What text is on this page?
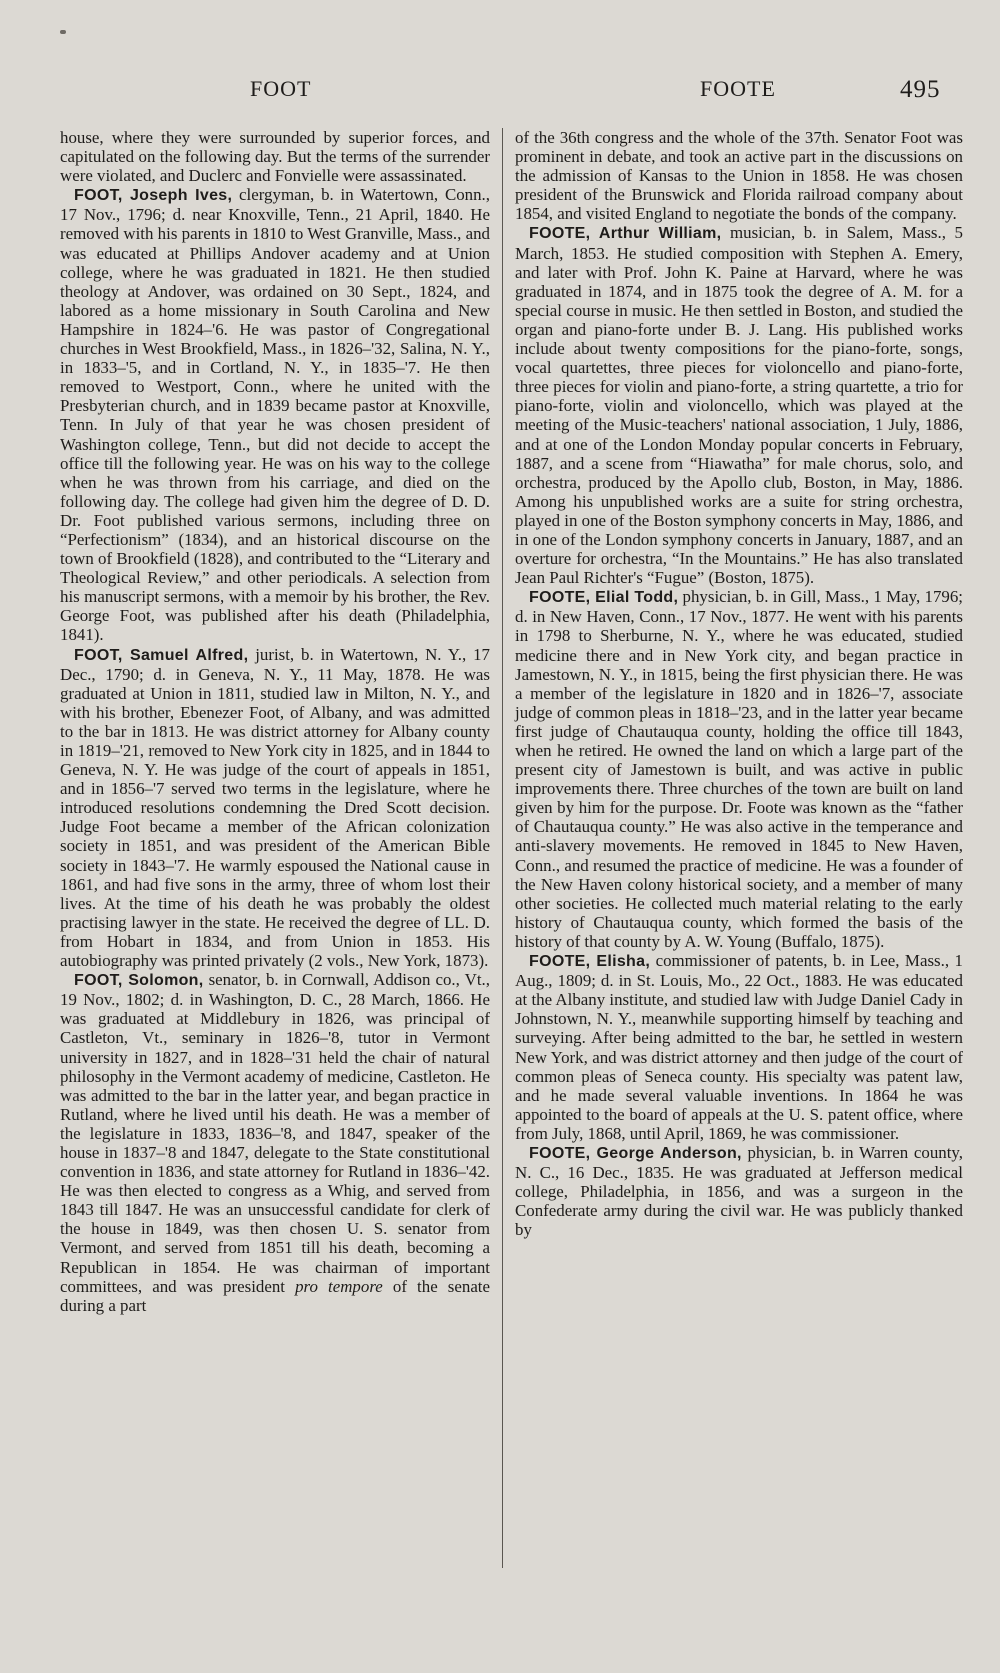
FOOT	FOOTE	495

house, where they were surrounded by superior forces, and capitulated on the following day. But the terms of the surrender were violated, and Duclerc and Fonvielle were assassinated.

FOOT, Joseph Ives, clergyman, b. in Watertown, Conn., 17 Nov., 1796; d. near Knoxville, Tenn., 21 April, 1840. He removed with his parents in 1810 to West Granville, Mass., and was educated at Phillips Andover academy and at Union college, where he was graduated in 1821. He then studied theology at Andover, was ordained on 30 Sept., 1824, and labored as a home missionary in South Carolina and New Hampshire in 1824–'6. He was pastor of Congregational churches in West Brookfield, Mass., in 1826–'32, Salina, N. Y., in 1833–'5, and in Cortland, N. Y., in 1835–'7. He then removed to Westport, Conn., where he united with the Presbyterian church, and in 1839 became pastor at Knoxville, Tenn. In July of that year he was chosen president of Washington college, Tenn., but did not decide to accept the office till the following year. He was on his way to the college when he was thrown from his carriage, and died on the following day. The college had given him the degree of D. D. Dr. Foot published various sermons, including three on “Perfectionism” (1834), and an historical discourse on the town of Brookfield (1828), and contributed to the “Literary and Theological Review,” and other periodicals. A selection from his manuscript sermons, with a memoir by his brother, the Rev. George Foot, was published after his death (Philadelphia, 1841).

FOOT, Samuel Alfred, jurist, b. in Watertown, N. Y., 17 Dec., 1790; d. in Geneva, N. Y., 11 May, 1878. He was graduated at Union in 1811, studied law in Milton, N. Y., and with his brother, Ebenezer Foot, of Albany, and was admitted to the bar in 1813. He was district attorney for Albany county in 1819–'21, removed to New York city in 1825, and in 1844 to Geneva, N. Y. He was judge of the court of appeals in 1851, and in 1856–'7 served two terms in the legislature, where he introduced resolutions condemning the Dred Scott decision. Judge Foot became a member of the African colonization society in 1851, and was president of the American Bible society in 1843–'7. He warmly espoused the National cause in 1861, and had five sons in the army, three of whom lost their lives. At the time of his death he was probably the oldest practising lawyer in the state. He received the degree of LL. D. from Hobart in 1834, and from Union in 1853. His autobiography was printed privately (2 vols., New York, 1873).

FOOT, Solomon, senator, b. in Cornwall, Addison co., Vt., 19 Nov., 1802; d. in Washington, D. C., 28 March, 1866. He was graduated at Middlebury in 1826, was principal of Castleton, Vt., seminary in 1826–'8, tutor in Vermont university in 1827, and in 1828–'31 held the chair of natural philosophy in the Vermont academy of medicine, Castleton. He was admitted to the bar in the latter year, and began practice in Rutland, where he lived until his death. He was a member of the legislature in 1833, 1836–'8, and 1847, speaker of the house in 1837–'8 and 1847, delegate to the State constitutional convention in 1836, and state attorney for Rutland in 1836–'42. He was then elected to congress as a Whig, and served from 1843 till 1847. He was an unsuccessful candidate for clerk of the house in 1849, was then chosen U. S. senator from Vermont, and served from 1851 till his death, becoming a Republican in 1854. He was chairman of important committees, and was president pro tempore of the senate during a part

of the 36th congress and the whole of the 37th. Senator Foot was prominent in debate, and took an active part in the discussions on the admission of Kansas to the Union in 1858. He was chosen president of the Brunswick and Florida railroad company about 1854, and visited England to negotiate the bonds of the company.

FOOTE, Arthur William, musician, b. in Salem, Mass., 5 March, 1853. He studied composition with Stephen A. Emery, and later with Prof. John K. Paine at Harvard, where he was graduated in 1874, and in 1875 took the degree of A. M. for a special course in music. He then settled in Boston, and studied the organ and piano-forte under B. J. Lang. His published works include about twenty compositions for the piano-forte, songs, vocal quartettes, three pieces for violoncello and piano-forte, three pieces for violin and piano-forte, a string quartette, a trio for piano-forte, violin and violoncello, which was played at the meeting of the Music-teachers' national association, 1 July, 1886, and at one of the London Monday popular concerts in February, 1887, and a scene from “Hiawatha” for male chorus, solo, and orchestra, produced by the Apollo club, Boston, in May, 1886. Among his unpublished works are a suite for string orchestra, played in one of the Boston symphony concerts in May, 1886, and in one of the London symphony concerts in January, 1887, and an overture for orchestra, “In the Mountains.” He has also translated Jean Paul Richter's “Fugue” (Boston, 1875).

FOOTE, Elial Todd, physician, b. in Gill, Mass., 1 May, 1796; d. in New Haven, Conn., 17 Nov., 1877. He went with his parents in 1798 to Sherburne, N. Y., where he was educated, studied medicine there and in New York city, and began practice in Jamestown, N. Y., in 1815, being the first physician there. He was a member of the legislature in 1820 and in 1826–'7, associate judge of common pleas in 1818–'23, and in the latter year became first judge of Chautauqua county, holding the office till 1843, when he retired. He owned the land on which a large part of the present city of Jamestown is built, and was active in public improvements there. Three churches of the town are built on land given by him for the purpose. Dr. Foote was known as the “father of Chautauqua county.” He was also active in the temperance and anti-slavery movements. He removed in 1845 to New Haven, Conn., and resumed the practice of medicine. He was a founder of the New Haven colony historical society, and a member of many other societies. He collected much material relating to the early history of Chautauqua county, which formed the basis of the history of that county by A. W. Young (Buffalo, 1875).

FOOTE, Elisha, commissioner of patents, b. in Lee, Mass., 1 Aug., 1809; d. in St. Louis, Mo., 22 Oct., 1883. He was educated at the Albany institute, and studied law with Judge Daniel Cady in Johnstown, N. Y., meanwhile supporting himself by teaching and surveying. After being admitted to the bar, he settled in western New York, and was district attorney and then judge of the court of common pleas of Seneca county. His specialty was patent law, and he made several valuable inventions. In 1864 he was appointed to the board of appeals at the U. S. patent office, where from July, 1868, until April, 1869, he was commissioner.

FOOTE, George Anderson, physician, b. in Warren county, N. C., 16 Dec., 1835. He was graduated at Jefferson medical college, Philadelphia, in 1856, and was a surgeon in the Confederate army during the civil war. He was publicly thanked by
